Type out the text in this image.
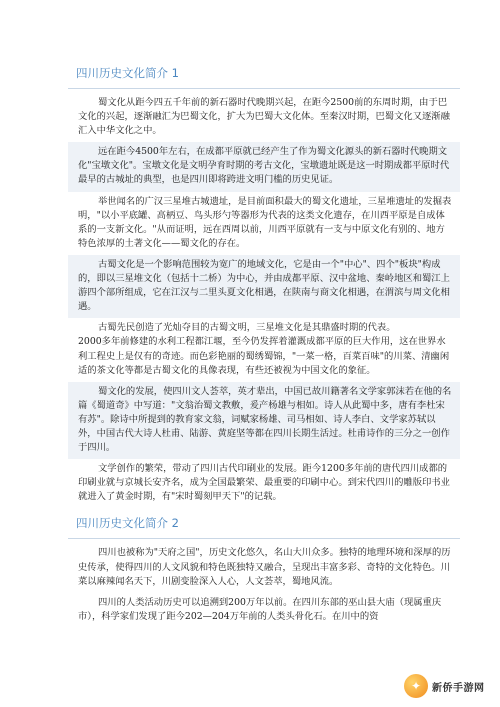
四川历史文化简介 1

蜀文化从距今四五千年前的新石器时代晚期兴起，在距今2500前的东周时期，由于巴文化的兴起，逐渐融汇为巴蜀文化，扩大为巴蜀大文化体。至秦汉时期，巴蜀文化又逐渐融汇入中华文化之中。

远在距今4500年左右，在成都平原就已经产生了作为蜀文化源头的新石器时代晚期文化"宝墩文化"。宝墩文化是文明孕育时期的考古文化，宝墩遗址既是这一时期成都平原时代最早的古城址的典型，也是四川即将跨进文明门槛的历史见证。

举世闻名的广汉三星堆古城遗址，是目前面积最大的蜀文化遗址，三星堆遗址的发掘表明，"以小平底罐、高柄豆、鸟头形勺等器形为代表的这类文化遗存，在川西平原是自成体系的一支新文化。"从而证明，远在西周以前，川西平原就有一支与中原文化有别的、地方特色浓厚的土著文化——蜀文化的存在。

古蜀文化是一个影响范围较为宽广的地域文化，它是由一个"中心"、四个"板块"构成的，即以三星堆文化（包括十二桥）为中心，并由成都平原、汉中盆地、秦岭地区和蜀江上游四个部所组成，它在江汉与二里头夏文化相遇，在陕南与商文化相遇，在渭滨与周文化相遇。

古蜀先民创造了光灿夺目的古蜀文明，三星堆文化是其鼎盛时期的代表。

2000多年前修建的水利工程都江堰，至今仍发挥着灌溉成都平原的巨大作用，这在世界水利工程史上是仅有的奇迹。而色彩艳丽的蜀绣蜀锦，"一菜一格，百菜百味"的川菜、清幽闲适的茶文化等都是古蜀文化的具像表现，有些还被视为中国文化的象征。

蜀文化的发展，使四川文人荟萃，英才辈出，中国已故川籍著名文学家郭沫若在他的名篇《蜀道奇》中写道："文翁治蜀文教敷，爰产杨雄与相如。诗人从此蜀中多，唐有李杜宋有苏"。除诗中所提到的教育家文翁，词赋家杨雄、司马相如、诗人李白、文学家苏轼以外，中国古代大诗人杜甫、陆游、黄庭坚等都在四川长期生活过。杜甫诗作的三分之一创作于四川。

文学创作的繁荣，带动了四川古代印刷业的发展。距今1200多年前的唐代四川成都的印刷业就与京城长安齐名，成为全国最繁荣、最重要的印刷中心。到宋代四川的雕版印书业就进入了黄金时期，有"宋时蜀刻甲天下"的记载。

四川历史文化简介 2

四川也被称为"天府之国"，历史文化悠久，名山大川众多。独特的地理环境和深厚的历史传承，使得四川的人文风貌和特色既独特又融合，呈现出丰富多彩、奇特的文化特色。川菜以麻辣闻名天下，川剧变脸深入人心，人文荟萃，蜀地风流。

四川的人类活动历史可以追溯到200万年以前。在四川东部的巫山县大庙（现属重庆市），科学家们发现了距今202—204万年前的人类头骨化石。在川中的资

✦	新侨手游网
